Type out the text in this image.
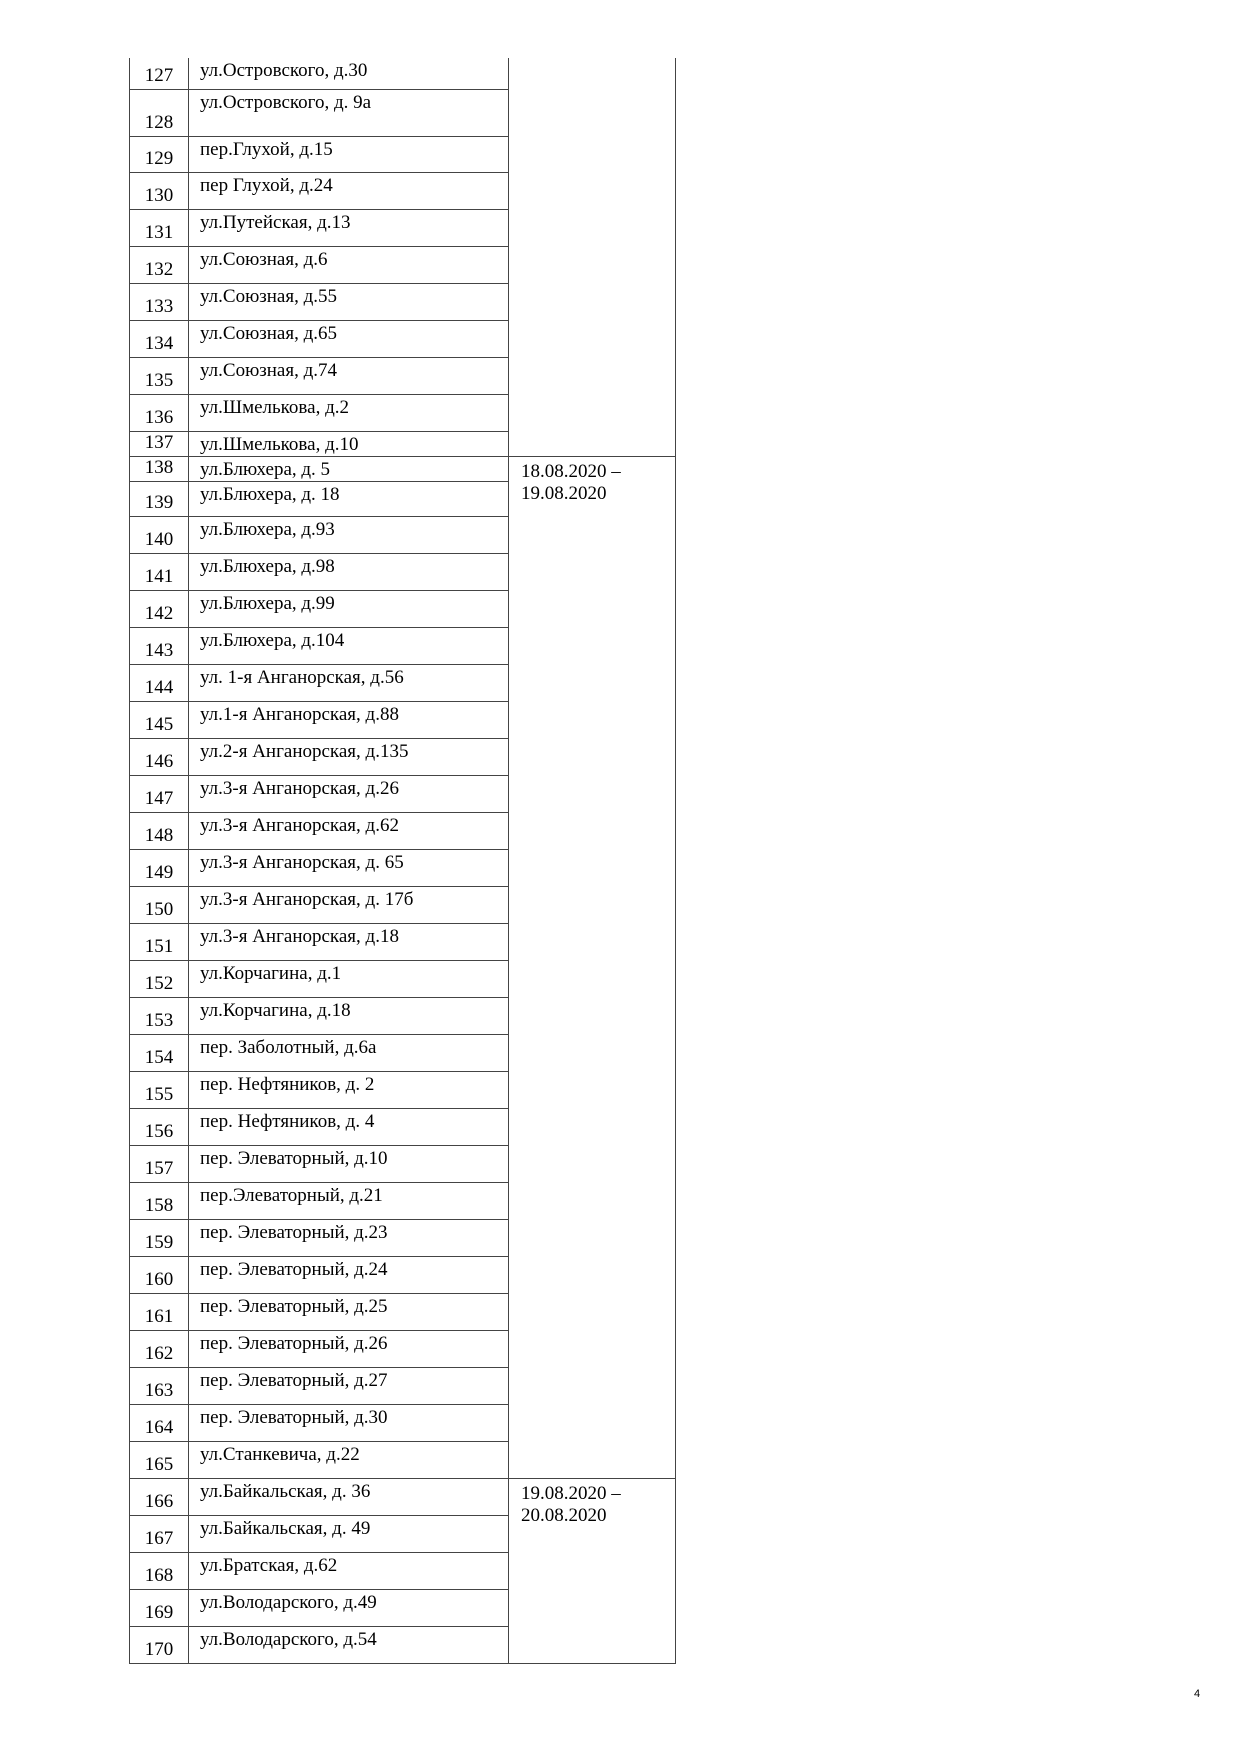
127	ул.Островского, д.30	
128	ул.Островского, д. 9а	
129	пер.Глухой, д.15	
130	пер Глухой, д.24	
131	ул.Путейская, д.13	
132	ул.Союзная, д.6	
133	ул.Союзная, д.55	
134	ул.Союзная, д.65	
135	ул.Союзная, д.74	
136	ул.Шмелькова, д.2	
137	ул.Шмелькова, д.10	
138	ул.Блюхера, д. 5	18.08.2020 – 19.08.2020
139	ул.Блюхера, д. 18	
140	ул.Блюхера, д.93	
141	ул.Блюхера, д.98	
142	ул.Блюхера, д.99	
143	ул.Блюхера, д.104	
144	ул. 1-я Анганорская, д.56	
145	ул.1-я Анганорская, д.88	
146	ул.2-я Анганорская, д.135	
147	ул.3-я Анганорская, д.26	
148	ул.3-я Анганорская, д.62	
149	ул.3-я Анганорская, д. 65	
150	ул.3-я Анганорская, д. 17б	
151	ул.3-я Анганорская, д.18	
152	ул.Корчагина, д.1	
153	ул.Корчагина, д.18	
154	пер. Заболотный, д.6а	
155	пер. Нефтяников, д. 2	
156	пер. Нефтяников, д. 4	
157	пер. Элеваторный, д.10	
158	пер.Элеваторный, д.21	
159	пер. Элеваторный, д.23	
160	пер. Элеваторный, д.24	
161	пер. Элеваторный, д.25	
162	пер. Элеваторный, д.26	
163	пер. Элеваторный, д.27	
164	пер. Элеваторный, д.30	
165	ул.Станкевича, д.22	
166	ул.Байкальская, д. 36	19.08.2020 – 20.08.2020
167	ул.Байкальская, д. 49	
168	ул.Братская, д.62	
169	ул.Володарского, д.49	
170	ул.Володарского, д.54	
4
